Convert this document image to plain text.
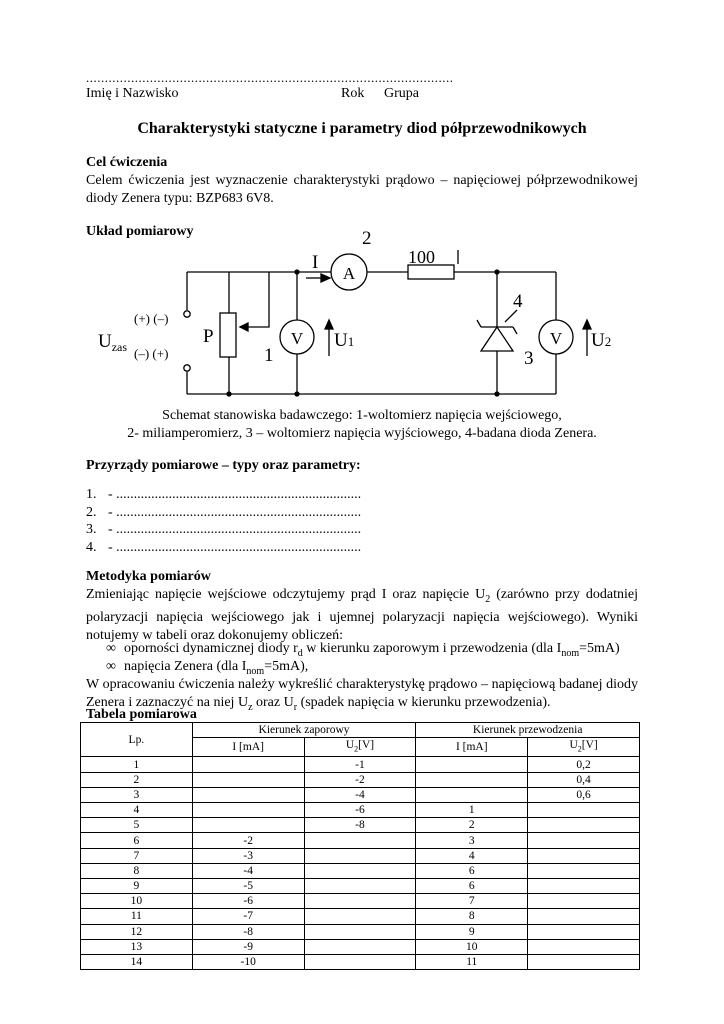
..................................................................................................
Imię i Nazwisko	Rok Grupa
Charakterystyki statyczne i parametry diod półprzewodnikowych

Cel ćwiczenia

Celem ćwiczenia jest wyznaczenie charakterystyki prądowo – napięciowej półprzewodnikowej diody Zenera typu: BZP683 6V8.

Układ pomiarowy	2
I
A
100
4
(+) (–)
(–) (+)
$U_{zas}$	P	V U1
1
V U2
3
Schemat stanowiska badawczego: 1-woltomierz napięcia wejściowego,
2- miliamperomierz, 3 – woltomierz napięcia wyjściowego, 4-badana dioda Zenera.

Przyrządy pomiarowe – typy oraz parametry:

1. - ......................................................................
2. - ......................................................................
3. - ......................................................................
4. - ......................................................................

Metodyka pomiarów

Zmieniając napięcie wejściowe odczytujemy prąd I oraz napięcie $U_2$ (zarówno przy dodatniej polaryzacji napięcia wejściowego jak i ujemnej polaryzacji napięcia wejściowego). Wyniki notujemy w tabeli oraz dokonujemy obliczeń:

∞ oporności dynamicznej diody $r_d$ w kierunku zaporowym i przewodzenia (dla $I_{nom}=5mA$)
∞ napięcia Zenera (dla $I_{nom}=5mA$),

W opracowaniu ćwiczenia należy wykreślić charakterystykę prądowo – napięciową badanej diody Zenera i zaznaczyć na niej $U_z$ oraz $U_r$ (spadek napięcia w kierunku przewodzenia).

Tabela pomiarowa

Lp.	Kierunek zaporowy		Kierunek przewodzenia	
	I [mA]	$U_2[V]$	I [mA]	$U_2[V]$
1		-1		0,2
2		-2		0,4
3		-4		0,6
4		-6	1	
5		-8	2	
6	-2		3	
7	-3		4	
8	-4		6	
9	-5		6	
10	-6		7	
11	-7		8	
12	-8		9	
13	-9		10	
14	-10		11	
